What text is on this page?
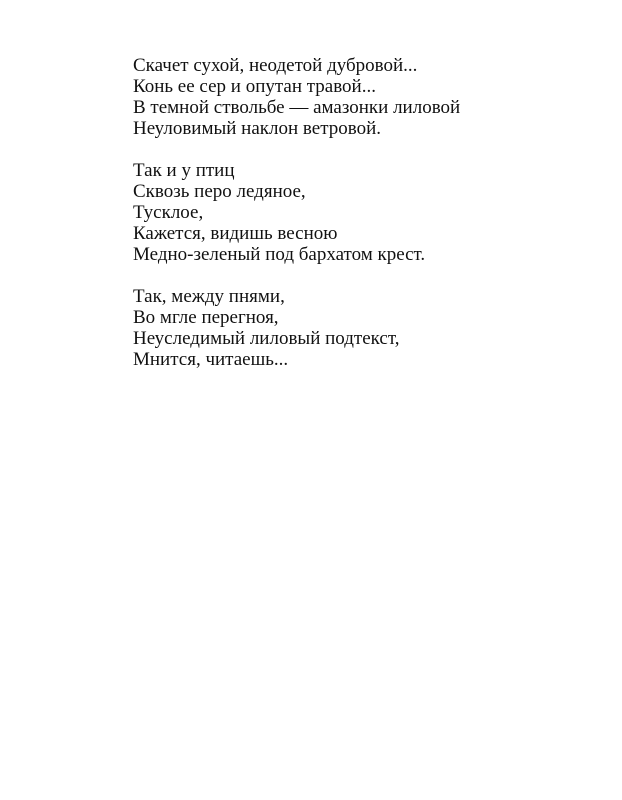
Скачет сухой, неодетой дубровой...
Конь ее сер и опутан травой...
В темной ствольбе — амазонки лиловой
Неуловимый наклон ветровой.
Так и у птиц
Сквозь перо ледяное,
Тусклое,
Кажется, видишь весною
Медно-зеленый под бархатом крест.
Так, между пнями,
Во мгле перегноя,
Неуследимый лиловый подтекст,
Мнится, читаешь...
